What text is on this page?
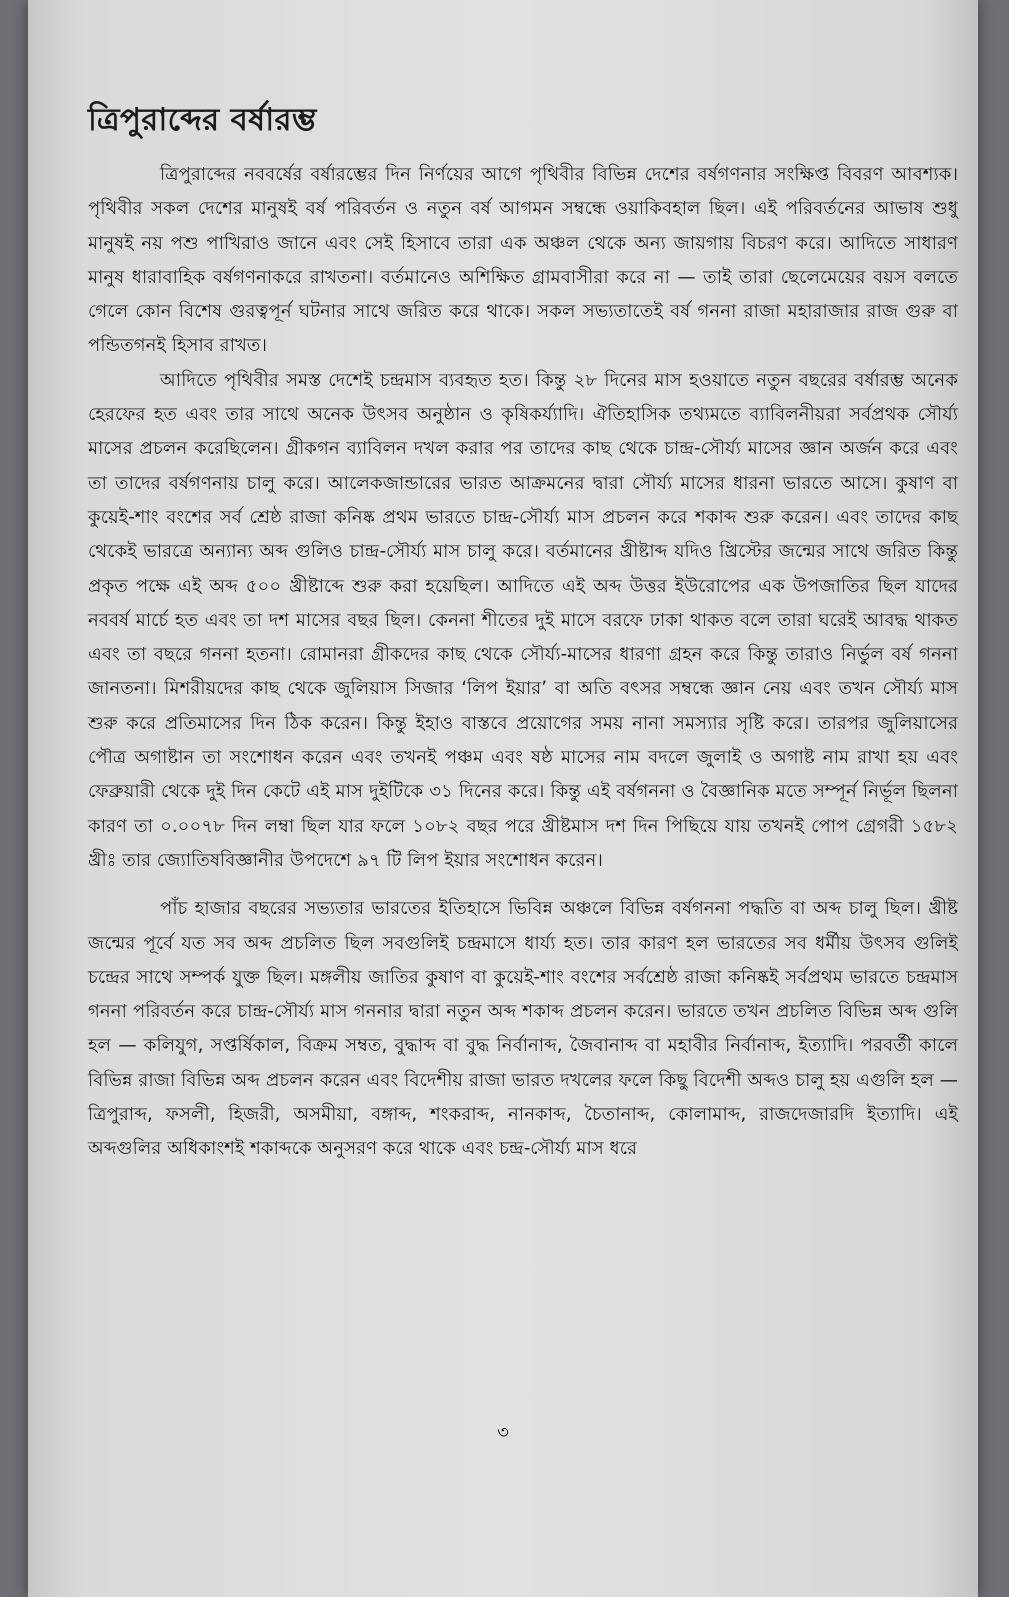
ত্রিপুরাব্দের বর্ষারম্ভ

ত্রিপুরাব্দের নববর্ষের বর্ষারম্ভের দিন নির্ণয়ের আগে পৃথিবীর বিভিন্ন দেশের বর্ষগণনার সংক্ষিপ্ত বিবরণ আবশ্যক। পৃথিবীর সকল দেশের মানুষই বর্ষ পরিবর্তন ও নতুন বর্ষ আগমন সম্বন্ধে ওয়াকিবহাল ছিল। এই পরিবর্তনের আভাষ শুধু মানুষই নয় পশু পাখিরাও জানে এবং সেই হিসাবে তারা এক অঞ্চল থেকে অন্য জায়গায় বিচরণ করে। আদিতে সাধারণ মানুষ ধারাবাহিক বর্ষগণনাকরে রাখতনা। বর্তমানেও অশিক্ষিত গ্রামবাসীরা করে না — তাই তারা ছেলেমেয়ের বয়স বলতে গেলে কোন বিশেষ গুরত্বপূর্ন ঘটনার সাথে জরিত করে থাকে। সকল সভ্যতাতেই বর্ষ গননা রাজা মহারাজার রাজ গুরু বা পন্ডিতগনই হিসাব রাখত।

আদিতে পৃথিবীর সমস্ত দেশেই চন্দ্রমাস ব্যবহৃত হত। কিন্তু ২৮ দিনের মাস হওয়াতে নতুন বছরের বর্ষারম্ভ অনেক হেরফের হত এবং তার সাথে অনেক উৎসব অনুষ্ঠান ও কৃষিকর্য্যাদি। ঐতিহাসিক তথ্যমতে ব্যাবিলনীয়রা সর্বপ্রথক সৌর্য্য মাসের প্রচলন করেছিলেন। গ্রীকগন ব্যাবিলন দখল করার পর তাদের কাছ থেকে চান্দ্র-সৌর্য্য মাসের জ্ঞান অর্জন করে এবং তা তাদের বর্ষগণনায় চালু করে। আলেকজান্ডারের ভারত আক্রমনের দ্বারা সৌর্য্য মাসের ধারনা ভারতে আসে। কুষাণ বা কুয়েই-শাং বংশের সর্ব শ্রেষ্ঠ রাজা কনিষ্ক প্রথম ভারতে চান্দ্র-সৌর্য্য মাস প্রচলন করে শকাব্দ শুরু করেন। এবং তাদের কাছ থেকেই ভারত্রে অন্যান্য অব্দ গুলিও চান্দ্র-সৌর্য্য মাস চালু করে। বর্তমানের খ্রীষ্টাব্দ যদিও খ্রিস্টের জন্মের সাথে জরিত কিন্তু প্রকৃত পক্ষে এই অব্দ ৫০০ খ্রীষ্টাব্দে শুরু করা হয়েছিল। আদিতে এই অব্দ উত্তর ইউরোপের এক উপজাতির ছিল যাদের নববর্ষ মার্চে হত এবং তা দশ মাসের বছর ছিল। কেননা শীতের দুই মাসে বরফে ঢাকা থাকত বলে তারা ঘরেই আবদ্ধ থাকত এবং তা বছরে গননা হতনা। রোমানরা গ্রীকদের কাছ থেকে সৌর্য্য-মাসের ধারণা গ্রহন করে কিন্তু তারাও নির্ভুল বর্ষ গননা জানতনা। মিশরীয়দের কাছ থেকে জুলিয়াস সিজার ‘লিপ ইয়ার’ বা অতি বৎসর সম্বন্ধে জ্ঞান নেয় এবং তখন সৌর্য্য মাস শুরু করে প্রতিমাসের দিন ঠিক করেন। কিন্তু ইহাও বাস্তবে প্রয়োগের সময় নানা সমস্যার সৃষ্টি করে। তারপর জুলিয়াসের পৌত্র অগাষ্টান তা সংশোধন করেন এবং তখনই পঞ্চম এবং ষষ্ঠ মাসের নাম বদলে জুলাই ও অগাষ্ট নাম রাখা হয় এবং ফেব্রুয়ারী থেকে দুই দিন কেটে এই মাস দুইটিকে ৩১ দিনের করে। কিন্তু এই বর্ষগননা ও বৈজ্ঞানিক মতে সম্পূর্ন নির্ভূল ছিলনা কারণ তা ০.০০৭৮ দিন লম্বা ছিল যার ফলে ১০৮২ বছর পরে খ্রীষ্টমাস দশ দিন পিছিয়ে যায় তখনই পোপ গ্রেগরী ১৫৮২ খ্রীঃ তার জ্যোতিষবিজ্ঞানীর উপদেশে ৯৭ টি লিপ ইয়ার সংশোধন করেন।

পাঁচ হাজার বছরের সভ্যতার ভারতের ইতিহাসে ভিবিন্ন অঞ্চলে বিভিন্ন বর্ষগননা পদ্ধতি বা অব্দ চালু ছিল। খ্রীষ্ট জন্মের পূর্বে যত সব অব্দ প্রচলিত ছিল সবগুলিই চন্দ্রমাসে ধার্য্য হত। তার কারণ হল ভারতের সব ধর্মীয় উৎসব গুলিই চন্দ্রের সাথে সম্পর্ক যুক্ত ছিল। মঙ্গলীয় জাতির কুষাণ বা কুয়েই-শাং বংশের সর্বশ্রেষ্ঠ রাজা কনিষ্কই সর্বপ্রথম ভারতে চন্দ্রমাস গননা পরিবর্তন করে চান্দ্র-সৌর্য্য মাস গননার দ্বারা নতুন অব্দ শকাব্দ প্রচলন করেন। ভারতে তখন প্রচলিত বিভিন্ন অব্দ গুলি হল — কলিযুগ, সপ্তর্ষিকাল, বিক্রম সম্বত, বুদ্ধাব্দ বা বুদ্ধ নির্বানাব্দ, জৈবানাব্দ বা মহাবীর নির্বানাব্দ, ইত্যাদি। পরবর্তী কালে বিভিন্ন রাজা বিভিন্ন অব্দ প্রচলন করেন এবং বিদেশীয় রাজা ভারত দখলের ফলে কিছু বিদেশী অব্দও চালু হয় এগুলি হল — ত্রিপুরাব্দ, ফসলী, হিজরী, অসমীয়া, বঙ্গাব্দ, শংকরাব্দ, নানকাব্দ, চৈতানাব্দ, কোলামাব্দ, রাজদেজারদি ইত্যাদি। এই অব্দগুলির অধিকাংশই শকাব্দকে অনুসরণ করে থাকে এবং চন্দ্র-সৌর্য্য মাস ধরে

৩
